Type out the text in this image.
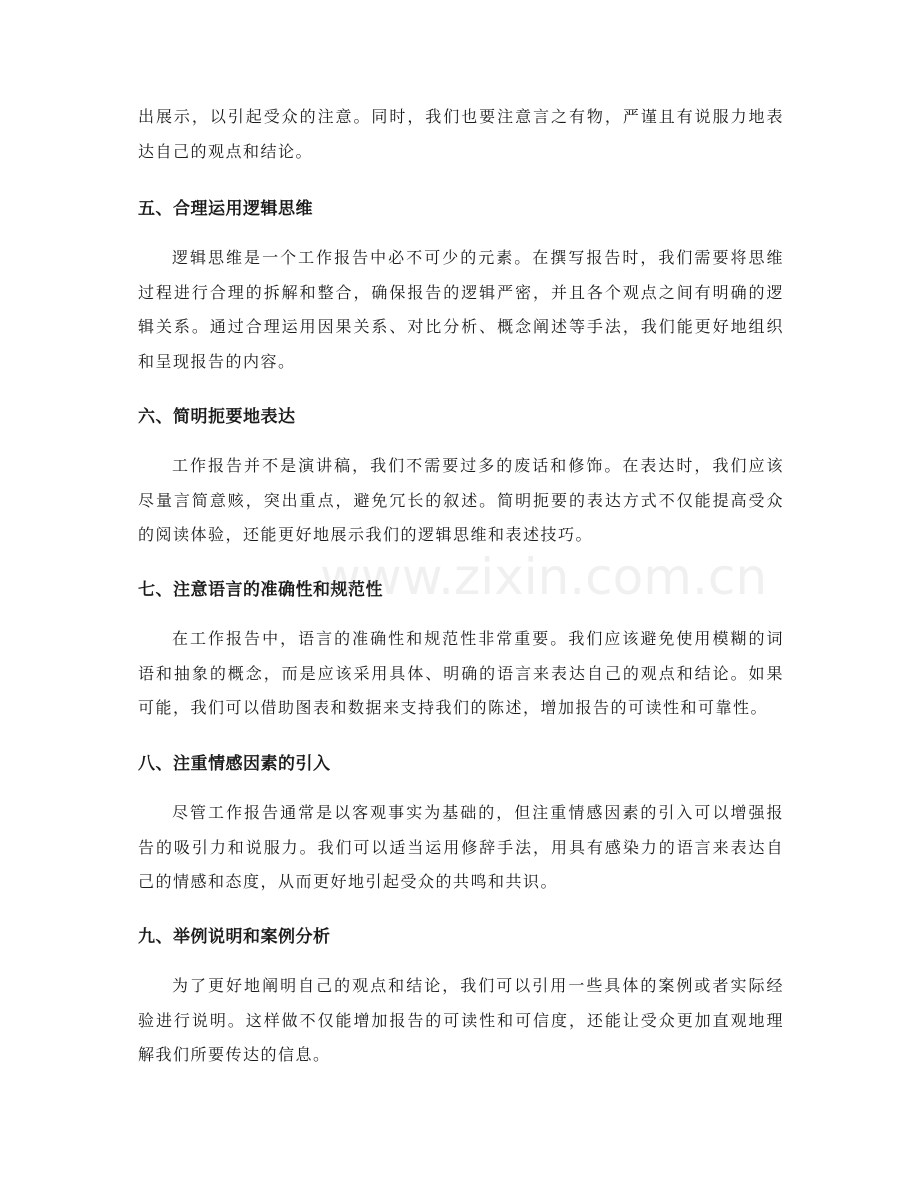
出展示，以引起受众的注意。同时，我们也要注意言之有物，严谨且有说服力地表达自己的观点和结论。

五、合理运用逻辑思维

逻辑思维是一个工作报告中必不可少的元素。在撰写报告时，我们需要将思维过程进行合理的拆解和整合，确保报告的逻辑严密，并且各个观点之间有明确的逻辑关系。通过合理运用因果关系、对比分析、概念阐述等手法，我们能更好地组织和呈现报告的内容。

六、简明扼要地表达

工作报告并不是演讲稿，我们不需要过多的废话和修饰。在表达时，我们应该尽量言简意赅，突出重点，避免冗长的叙述。简明扼要的表达方式不仅能提高受众的阅读体验，还能更好地展示我们的逻辑思维和表述技巧。

七、注意语言的准确性和规范性

在工作报告中，语言的准确性和规范性非常重要。我们应该避免使用模糊的词语和抽象的概念，而是应该采用具体、明确的语言来表达自己的观点和结论。如果可能，我们可以借助图表和数据来支持我们的陈述，增加报告的可读性和可靠性。

八、注重情感因素的引入

尽管工作报告通常是以客观事实为基础的，但注重情感因素的引入可以增强报告的吸引力和说服力。我们可以适当运用修辞手法，用具有感染力的语言来表达自己的情感和态度，从而更好地引起受众的共鸣和共识。

九、举例说明和案例分析

为了更好地阐明自己的观点和结论，我们可以引用一些具体的案例或者实际经验进行说明。这样做不仅能增加报告的可读性和可信度，还能让受众更加直观地理解我们所要传达的信息。

www.zixin.com.cn
